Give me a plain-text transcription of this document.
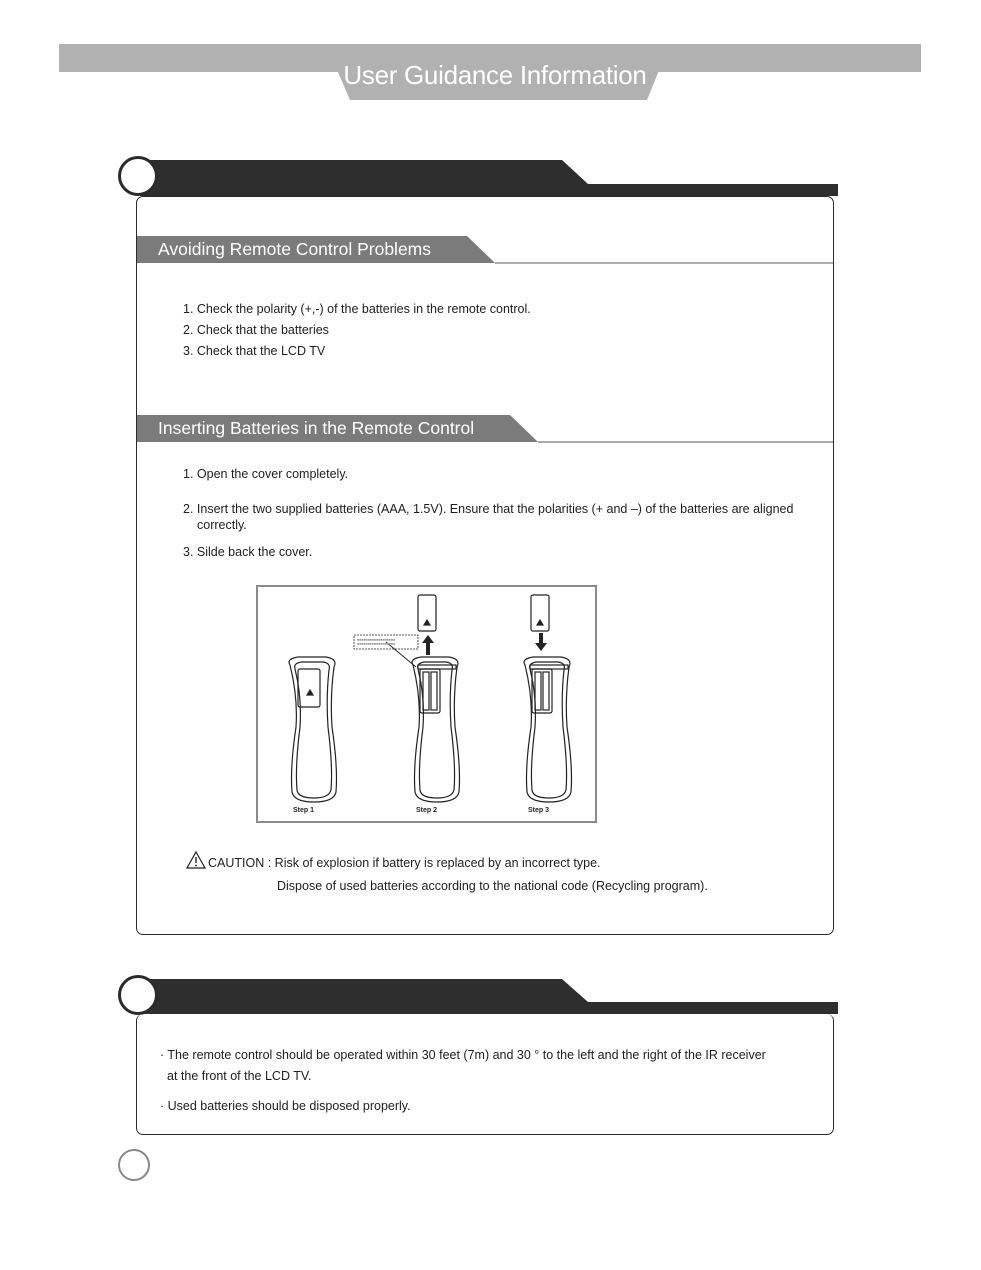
User Guidance Information
Avoiding Remote Control Problems
1. Check the polarity (+,-) of the batteries in the remote control.
2. Check that the batteries
3. Check that the LCD TV
Inserting Batteries in the Remote Control
1. Open the cover completely.
2. Insert the two supplied batteries (AAA, 1.5V). Ensure that the polarities (+ and –) of the batteries are aligned
correctly.
3. Silde back the cover.
■■■■■■■■■■■■■■■■■■
■■■■■■■■■■■■■■■■■■
Step 1	Step 2	Step 3
CAUTION : Risk of explosion if battery is replaced by an incorrect type.
Dispose of used batteries according to the national code (Recycling program).
· The remote control should be operated within 30 feet (7m) and 30 ° to the left and the right of the IR receiver
at the front of the LCD TV.
· Used batteries should be disposed properly.
